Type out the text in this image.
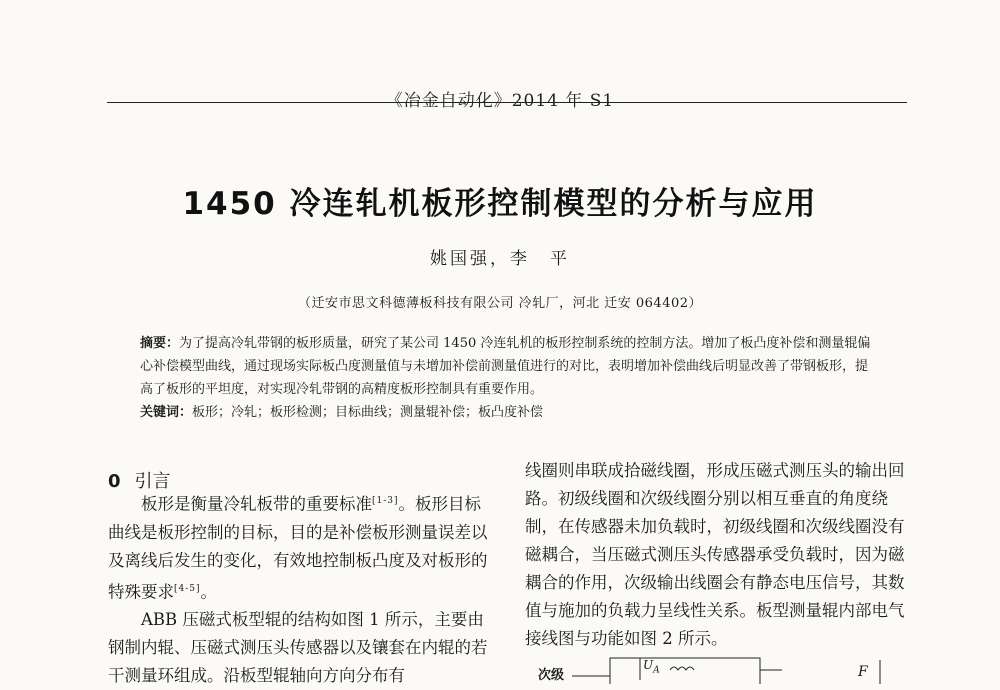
《冶金自动化》2014 年 S1
1450 冷连轧机板形控制模型的分析与应用
姚国强，李　平
（迁安市思文科德薄板科技有限公司 冷轧厂，河北 迁安 064402）
摘要：为了提高冷轧带钢的板形质量，研究了某公司 1450 冷连轧机的板形控制系统的控制方法。增加了板凸度补偿和测量辊偏心补偿模型曲线，通过现场实际板凸度测量值与未增加补偿前测量值进行的对比，表明增加补偿曲线后明显改善了带钢板形，提高了板形的平坦度，对实现冷轧带钢的高精度板形控制具有重要作用。
关键词：板形；冷轧；板形检测；目标曲线；测量辊补偿；板凸度补偿
0 引言

板形是衡量冷轧板带的重要标准[1-3]。板形目标曲线是板形控制的目标，目的是补偿板形测量误差以及离线后发生的变化，有效地控制板凸度及对板形的特殊要求[4-5]。

ABB 压磁式板型辊的结构如图 1 所示，主要由钢制内辊、压磁式测压头传感器以及镶套在内辊的若干测量环组成。沿板型辊轴向方向分布有

线圈则串联成拾磁线圈，形成压磁式测压头的输出回路。初级线圈和次级线圈分别以相互垂直的角度绕制，在传感器未加负载时，初级线圈和次级线圈没有磁耦合，当压磁式测压头传感器承受负载时，因为磁耦合的作用，次级输出线圈会有静态电压信号，其数值与施加的负载力呈线性关系。板型测量辊内部电气接线图与功能如图 2 所示。

次级
$U_A$	F
